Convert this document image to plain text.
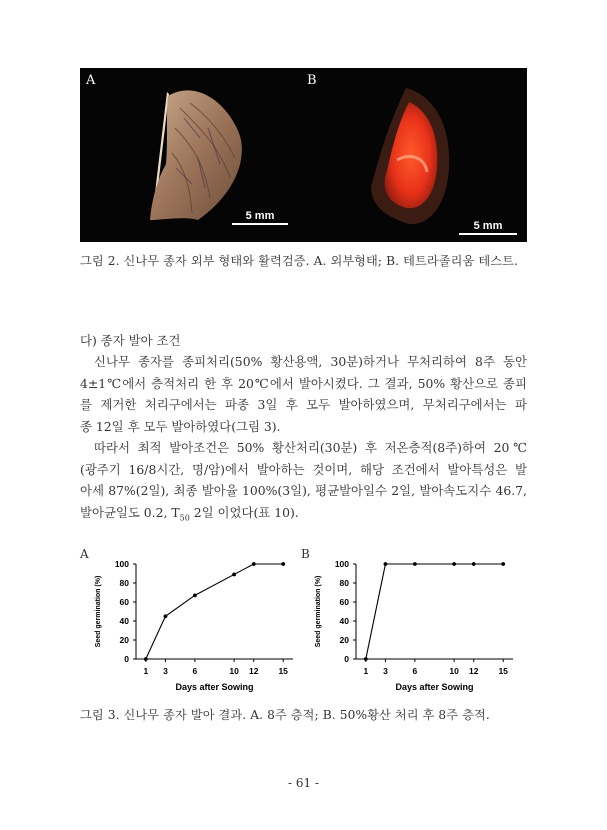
A
5 mm
B
5 mm
그림 2. 신나무 종자 외부 형태와 활력검증. A. 외부형태; B. 테트라졸리움 테스트.
다) 종자 발아 조건
신나무 종자를 종피처리(50% 황산용액, 30분)하거나 무처리하여 8주 동안
4±1℃에서 층적처리 한 후 20℃에서 발아시켰다. 그 결과, 50% 황산으로 종피
를 제거한 처리구에서는 파종 3일 후 모두 발아하였으며, 무처리구에서는 파
종 12일 후 모두 발아하였다(그림 3).
따라서 최적 발아조건은 50% 황산처리(30분) 후 저온층적(8주)하여 20℃
(광주기 16/8시간, 명/암)에서 발아하는 것이며, 해당 조건에서 발아특성은 발
아세 87%(2일), 최종 발아율 100%(3일), 평균발아일수 2일, 발아속도지수 46.7,
발아균일도 0.2, $T_{50}$ 2일 이었다(표 10).
A	B
0
20
40
60
80
100
1 3	6	10 12 15
Days after Sowing
Seed germination (%)
0
20
40
60
80
100
1 3	6	10 12 15
Days after Sowing
Seed germination (%)
그림 3. 신나무 종자 발아 결과. A. 8주 층적; B. 50%황산 처리 후 8주 층적.
- 61 -
